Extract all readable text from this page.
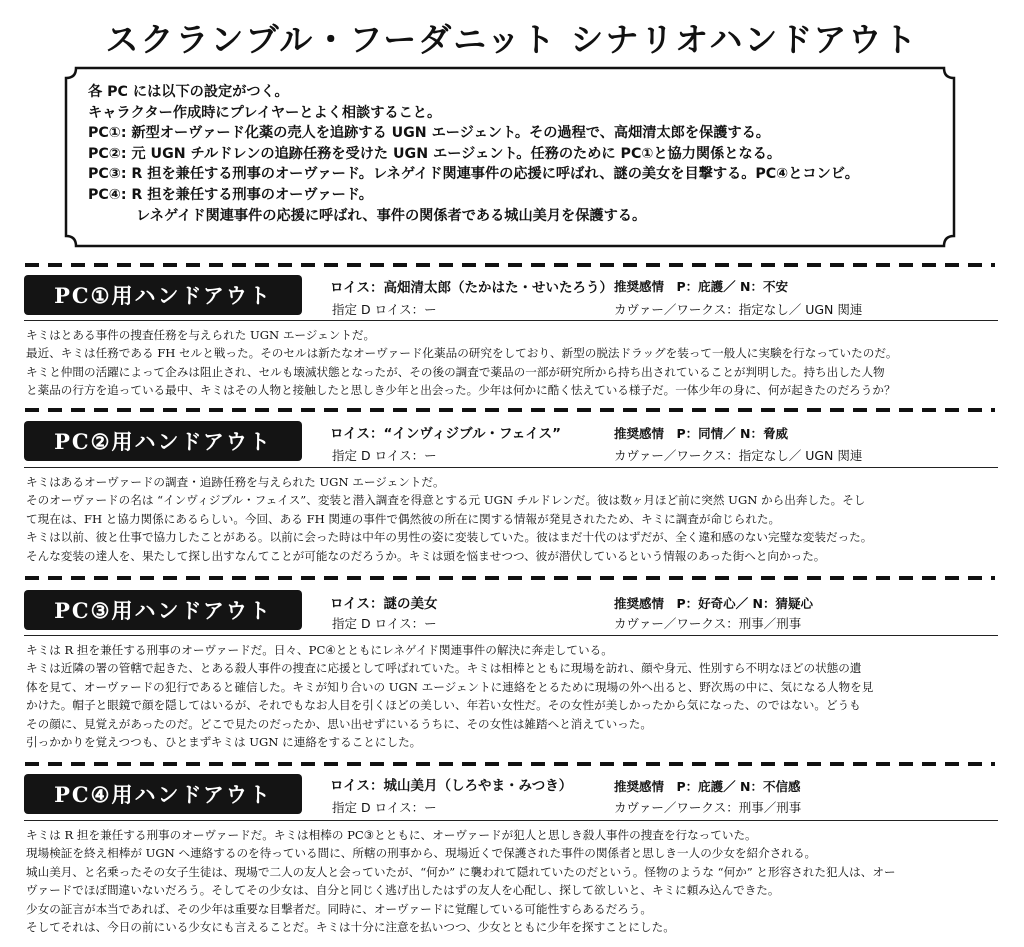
スクランブル・フーダニット シナリオハンドアウト
各 PC には以下の設定がつく。
キャラクター作成時にプレイヤーとよく相談すること。
PC①: 新型オーヴァード化薬の売人を追跡する UGN エージェント。その過程で、高畑清太郎を保護する。
PC②: 元 UGN チルドレンの追跡任務を受けた UGN エージェント。任務のために PC①と協力関係となる。
PC③: R 担を兼任する刑事のオーヴァード。レネゲイド関連事件の応援に呼ばれ、謎の美女を目撃する。PC④とコンビ。
PC④: R 担を兼任する刑事のオーヴァード。
レネゲイド関連事件の応援に呼ばれ、事件の関係者である城山美月を保護する。
PC①用ハンドアウト	ロイス：高畑清太郎（たかはた・せいたろう） 推奨感情　P：庇護／ N：不安
指定 D ロイス：ー	カヴァー／ワークス：指定なし／ UGN 関連
キミはとある事件の捜査任務を与えられた UGN エージェントだ。
最近、キミは任務である FH セルと戦った。そのセルは新たなオーヴァード化薬品の研究をしており、新型の脱法ドラッグを装って一般人に実験を行なっていたのだ。
キミと仲間の活躍によって企みは阻止され、セルも壊滅状態となったが、その後の調査で薬品の一部が研究所から持ち出されていることが判明した。持ち出した人物
と薬品の行方を追っている最中、キミはその人物と接触したと思しき少年と出会った。少年は何かに酷く怯えている様子だ。一体少年の身に、何が起きたのだろうか？
PC②用ハンドアウト	ロイス：“インヴィジブル・フェイス”	推奨感情　P：同情／ N：脅威
指定 D ロイス：ー	カヴァー／ワークス：指定なし／ UGN 関連
キミはあるオーヴァードの調査・追跡任務を与えられた UGN エージェントだ。
そのオーヴァードの名は “インヴィジブル・フェイス”、変装と潜入調査を得意とする元 UGN チルドレンだ。彼は数ヶ月ほど前に突然 UGN から出奔した。そし
て現在は、FH と協力関係にあるらしい。今回、ある FH 関連の事件で偶然彼の所在に関する情報が発見されたため、キミに調査が命じられた。
キミは以前、彼と仕事で協力したことがある。以前に会った時は中年の男性の姿に変装していた。彼はまだ十代のはずだが、全く違和感のない完璧な変装だった。
そんな変装の達人を、果たして探し出すなんてことが可能なのだろうか。キミは頭を悩ませつつ、彼が潜伏しているという情報のあった街へと向かった。
PC③用ハンドアウト	ロイス：謎の美女	推奨感情　P：好奇心／ N：猜疑心
指定 D ロイス：ー	カヴァー／ワークス：刑事／刑事
キミは R 担を兼任する刑事のオーヴァードだ。日々、PC④とともにレネゲイド関連事件の解決に奔走している。
キミは近隣の署の管轄で起きた、とある殺人事件の捜査に応援として呼ばれていた。キミは相棒とともに現場を訪れ、顔や身元、性別すら不明なほどの状態の遺
体を見て、オーヴァードの犯行であると確信した。キミが知り合いの UGN エージェントに連絡をとるために現場の外へ出ると、野次馬の中に、気になる人物を見
かけた。帽子と眼鏡で顔を隠してはいるが、それでもなお人目を引くほどの美しい、年若い女性だ。その女性が美しかったから気になった、のではない。どうも
その顔に、見覚えがあったのだ。どこで見たのだったか、思い出せずにいるうちに、その女性は雑踏へと消えていった。
引っかかりを覚えつつも、ひとまずキミは UGN に連絡をすることにした。
PC④用ハンドアウト	ロイス：城山美月（しろやま・みつき）	推奨感情　P：庇護／ N：不信感
指定 D ロイス：ー	カヴァー／ワークス：刑事／刑事
キミは R 担を兼任する刑事のオーヴァードだ。キミは相棒の PC③とともに、オーヴァードが犯人と思しき殺人事件の捜査を行なっていた。
現場検証を終え相棒が UGN へ連絡するのを待っている間に、所轄の刑事から、現場近くで保護された事件の関係者と思しき一人の少女を紹介される。
城山美月、と名乗ったその女子生徒は、現場で二人の友人と会っていたが、“何か” に襲われて隠れていたのだという。怪物のような “何か” と形容された犯人は、オー
ヴァードでほぼ間違いないだろう。そしてその少女は、自分と同じく逃げ出したはずの友人を心配し、探して欲しいと、キミに頼み込んできた。
少女の証言が本当であれば、その少年は重要な目撃者だ。同時に、オーヴァードに覚醒している可能性すらあるだろう。
そしてそれは、今日の前にいる少女にも言えることだ。キミは十分に注意を払いつつ、少女とともに少年を探すことにした。
